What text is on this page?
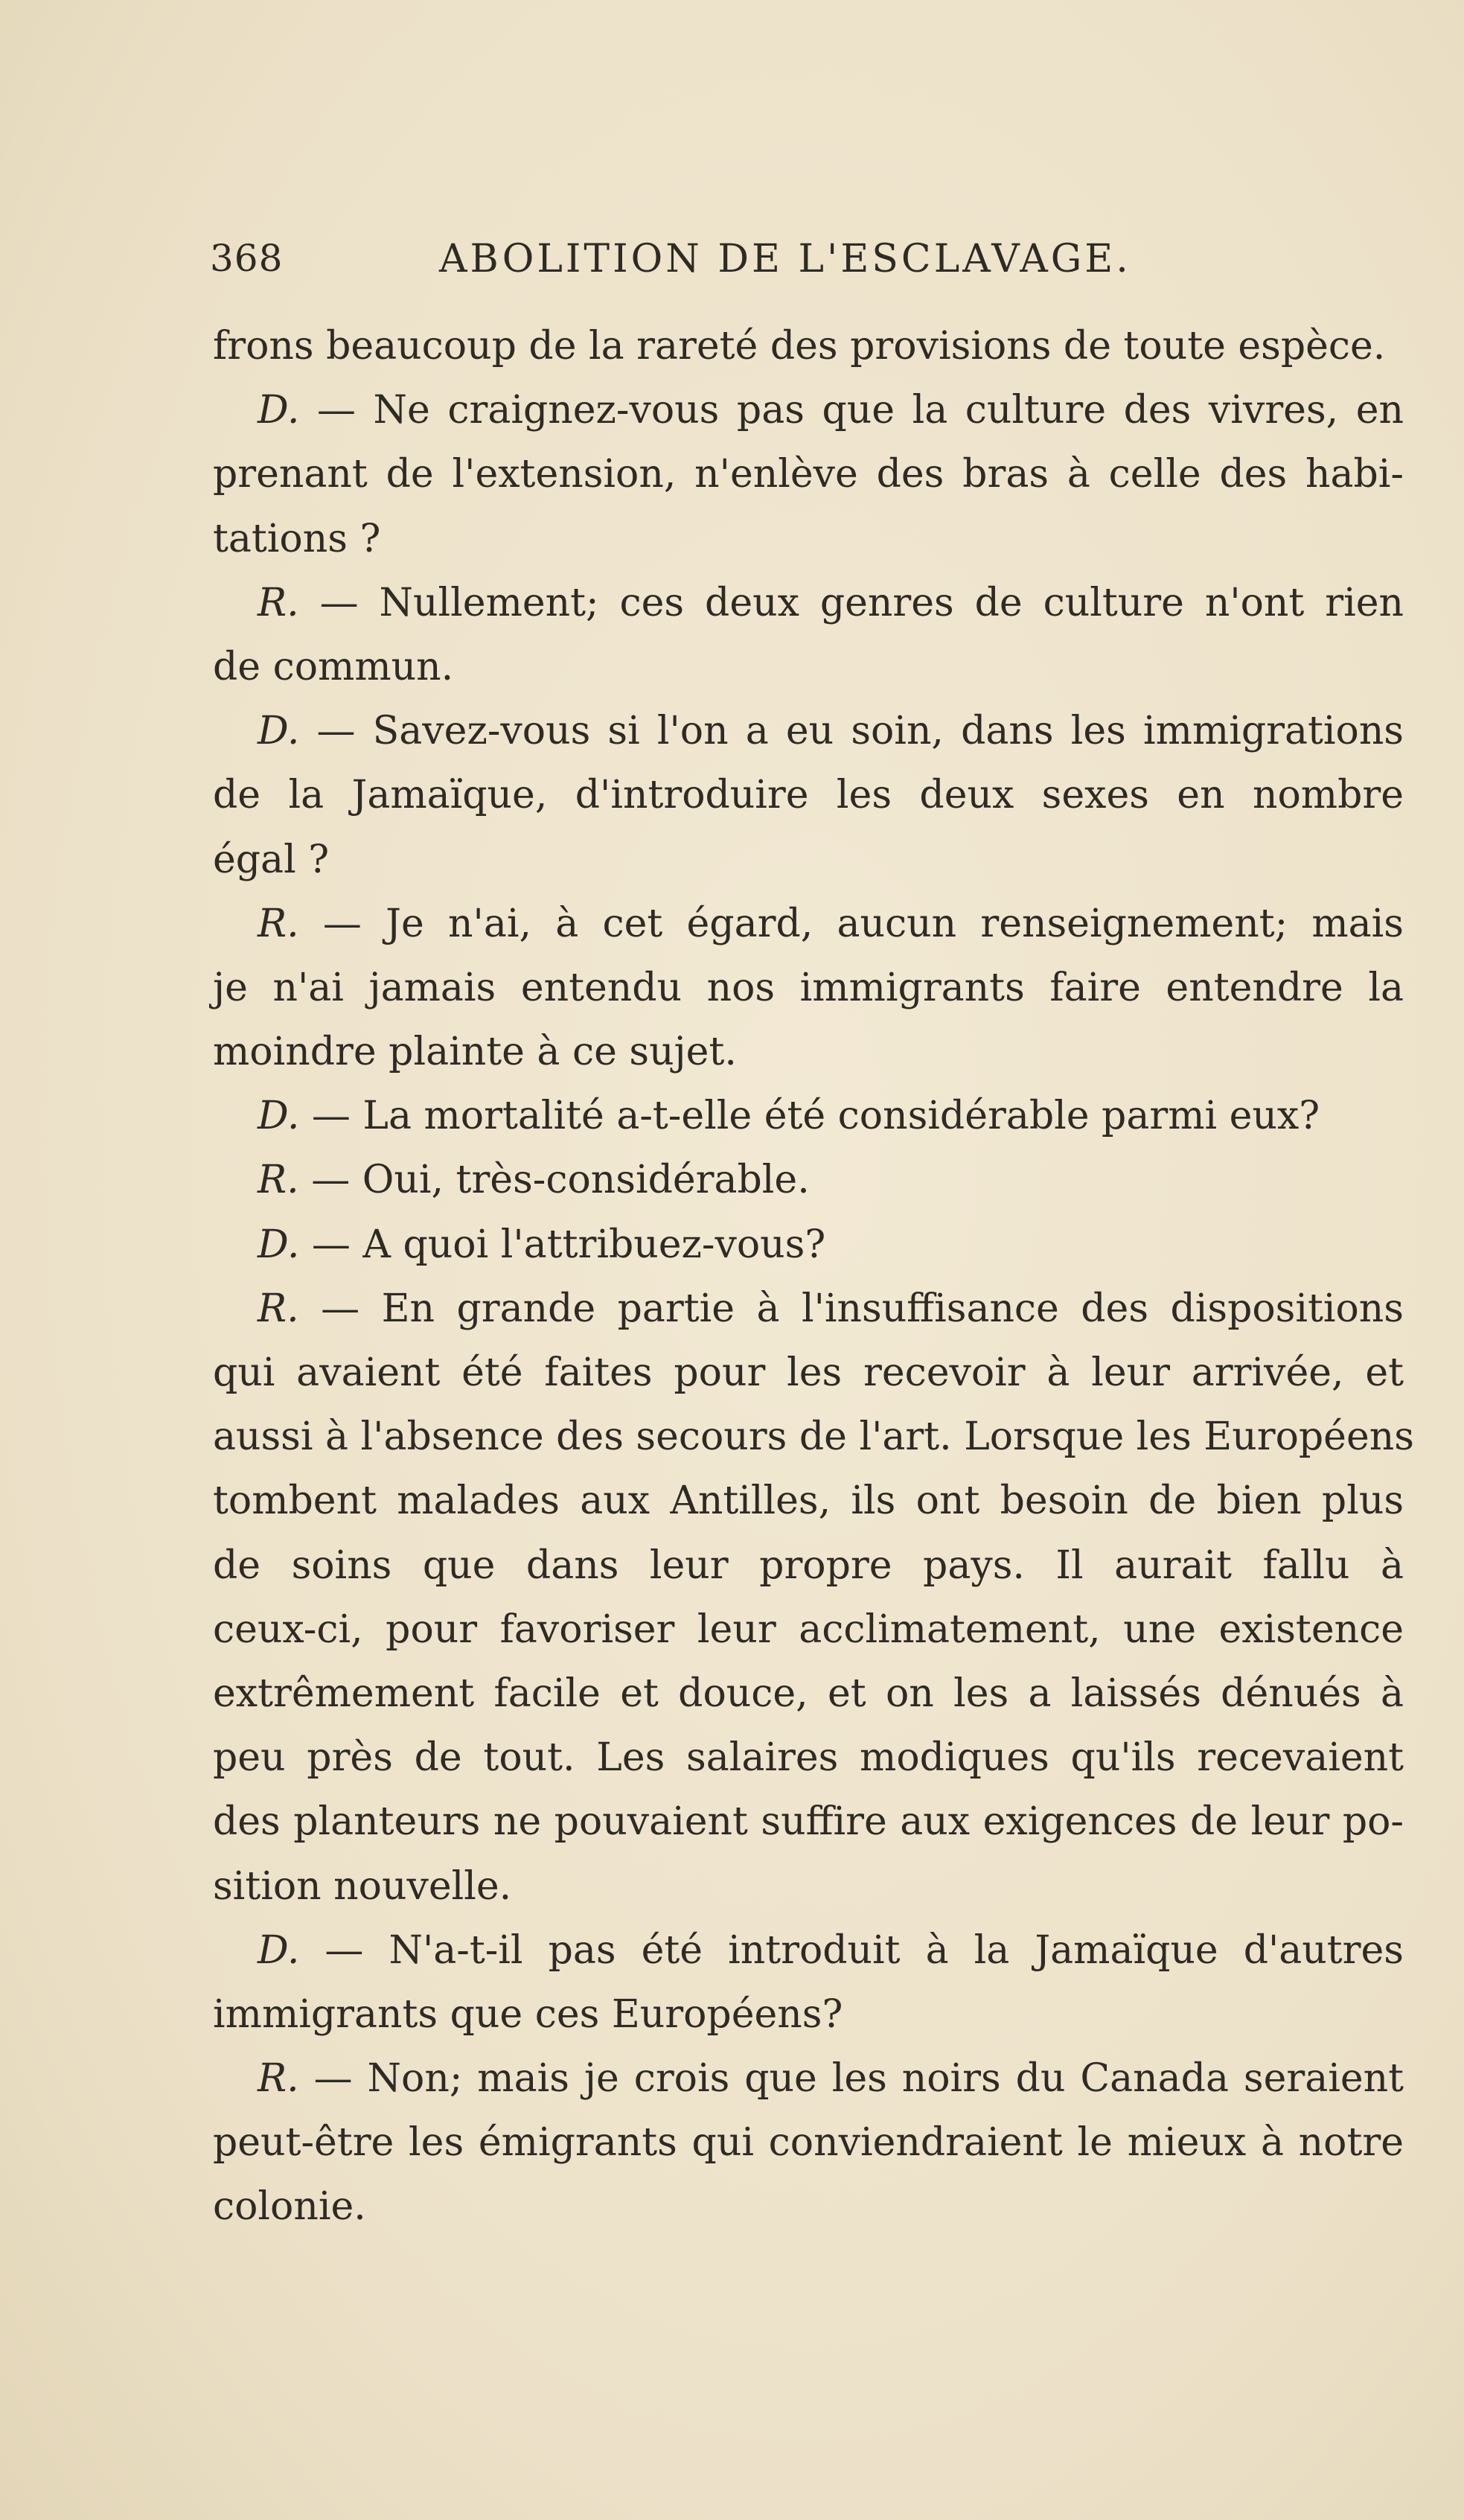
368	ABOLITION DE L'ESCLAVAGE.
frons beaucoup de la rareté des provisions de toute espèce.
D. — Ne craignez-vous pas que la culture des vivres, en
prenant de l'extension, n'enlève des bras à celle des habi-
tations ?
R. — Nullement; ces deux genres de culture n'ont rien
de commun.
D. — Savez-vous si l'on a eu soin, dans les immigrations
de la Jamaïque, d'introduire les deux sexes en nombre
égal ?
R. — Je n'ai, à cet égard, aucun renseignement; mais
je n'ai jamais entendu nos immigrants faire entendre la
moindre plainte à ce sujet.
D. — La mortalité a-t-elle été considérable parmi eux?
R. — Oui, très-considérable.
D. — A quoi l'attribuez-vous?
R. — En grande partie à l'insuffisance des dispositions
qui avaient été faites pour les recevoir à leur arrivée, et
aussi à l'absence des secours de l'art. Lorsque les Européens
tombent malades aux Antilles, ils ont besoin de bien plus
de soins que dans leur propre pays. Il aurait fallu à
ceux-ci, pour favoriser leur acclimatement, une existence
extrêmement facile et douce, et on les a laissés dénués à
peu près de tout. Les salaires modiques qu'ils recevaient
des planteurs ne pouvaient suffire aux exigences de leur po-
sition nouvelle.
D. — N'a-t-il pas été introduit à la Jamaïque d'autres
immigrants que ces Européens?
R. — Non; mais je crois que les noirs du Canada seraient
peut-être les émigrants qui conviendraient le mieux à notre
colonie.
